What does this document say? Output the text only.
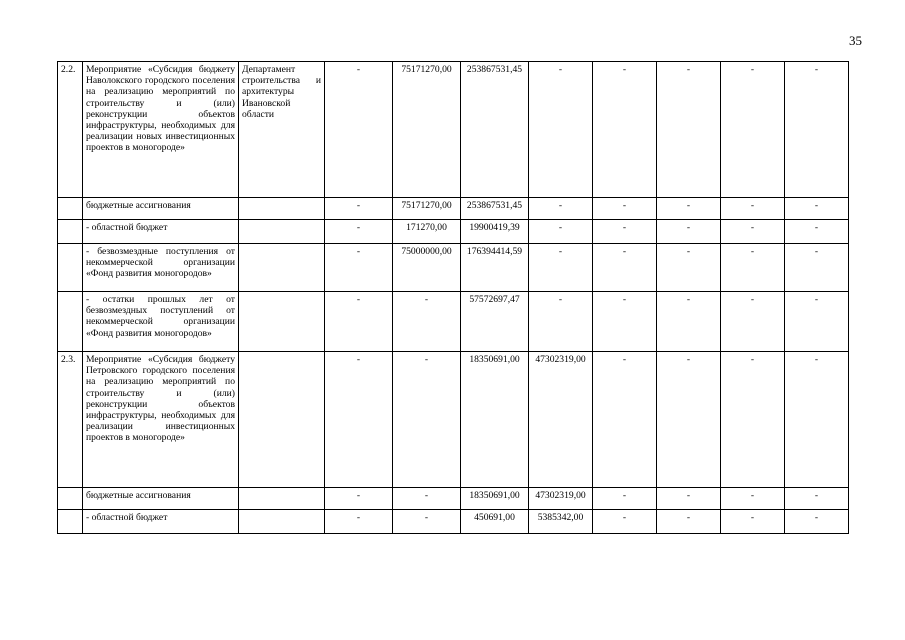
35
2.2.	Мероприятие «Субсидия бюджету Наволокского городского поселения на реализацию мероприятий по строительству и (или) реконструкции объектов инфраструктуры, необходимых для реализации новых инвестиционных проектов в моногороде»	Департамент строительства и архитектуры Ивановской области	-	75171270,00	253867531,45	-	-	-	-	-
	бюджетные ассигнования		-	75171270,00	253867531,45	-	-	-	-	-
	- областной бюджет		-	171270,00	19900419,39	-	-	-	-	-
	- безвозмездные поступления от некоммерческой организации «Фонд развития моногородов»		-	75000000,00	176394414,59	-	-	-	-	-
	- остатки прошлых лет от безвозмездных поступлений от некоммерческой организации «Фонд развития моногородов»		-	-	57572697,47	-	-	-	-	-
2.3.	Мероприятие «Субсидия бюджету Петровского городского поселения на реализацию мероприятий по строительству и (или) реконструкции объектов инфраструктуры, необходимых для реализации инвестиционных проектов в моногороде»		-	-	18350691,00	47302319,00	-	-	-	-
	бюджетные ассигнования		-	-	18350691,00	47302319,00	-	-	-	-
	- областной бюджет		-	-	450691,00	5385342,00	-	-	-	-
